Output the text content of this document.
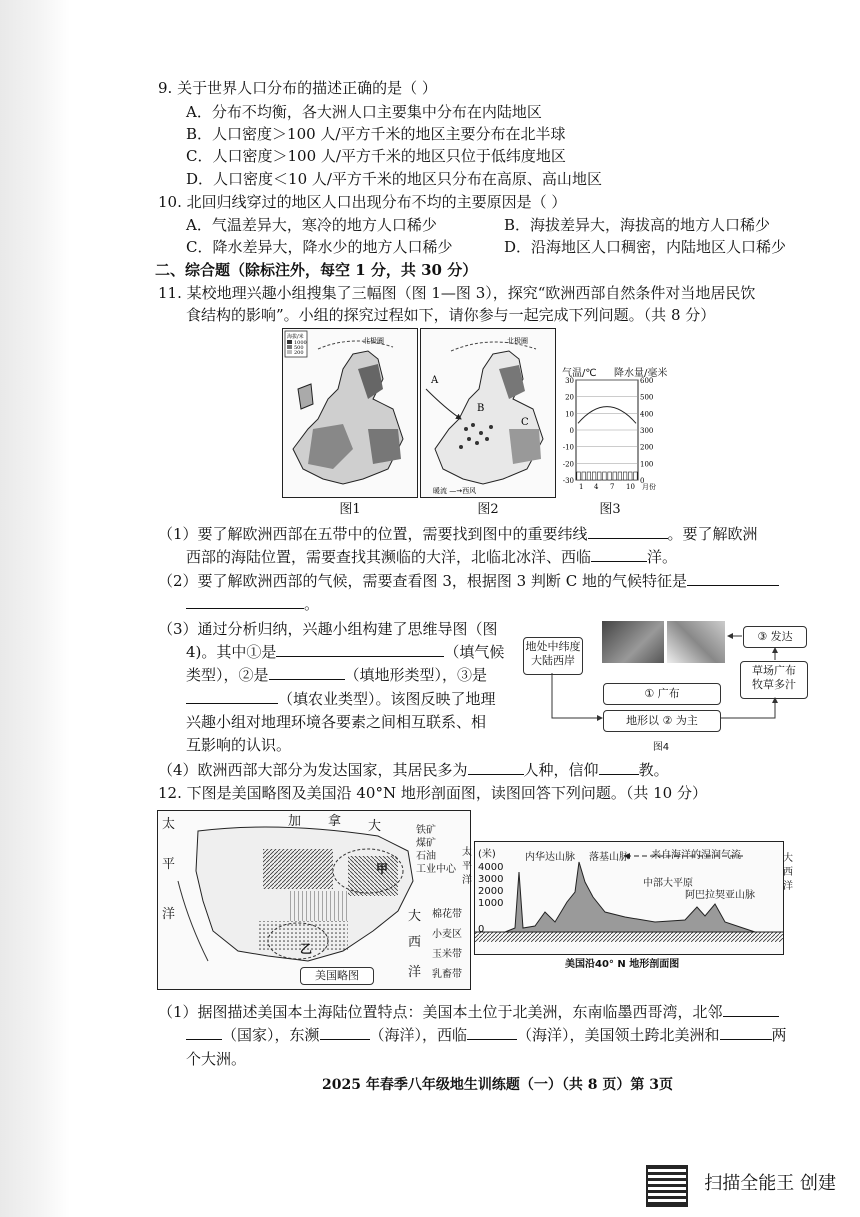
9. 关于世界人口分布的描述正确的是（ ）
A．分布不均衡，各大洲人口主要集中分布在内陆地区
B．人口密度＞100 人/平方千米的地区主要分布在北半球
C．人口密度＞100 人/平方千米的地区只位于低纬度地区
D．人口密度＜10 人/平方千米的地区只分布在高原、高山地区
10. 北回归线穿过的地区人口出现分布不均的主要原因是（ ）
A．气温差异大，寒冷的地方人口稀少	B．海拔差异大，海拔高的地方人口稀少
C．降水差异大，降水少的地方人口稀少	D．沿海地区人口稠密，内陆地区人口稀少
二、综合题（除标注外，每空 1 分，共 30 分）
11. 某校地理兴趣小组搜集了三幅图（图 1—图 3），探究“欧洲西部自然条件对当地居民饮
食结构的影响”。小组的探究过程如下，请你参与一起完成下列问题。（共 8 分）
海拔/米
1000
500
200
北极圈
图1
北极圈
A
B
C
暖流 —→西风
图2
30	600
20	500
10	400
0	300
-10	200
-20	100
-30	0
1 4 7 10 月份
气温/℃ 降水量/毫米
图3
（1）要了解欧洲西部在五带中的位置，需要找到图中的重要纬线	。要了解欧洲
西部的海陆位置，需要查找其濒临的大洋，北临北冰洋、西临	洋。
（2）要了解欧洲西部的气候，需要查看图 3，根据图 3 判断 C 地的气候特征是
。
（3）通过分析归纳，兴趣小组构建了思维导图（图
4)。其中①是	（填气候
类型），②是	（填地形类型），③是
（填农业类型）。该图反映了地理
兴趣小组对地理环境各要素之间相互联系、相
互影响的认识。
地处中纬度
大陆西岸
③ 发达
草场广布
牧草多汁
① 广布
地形以 ② 为主
图4
（4）欧洲西部大部分为发达国家，其居民多为	人种，信仰	教。
12. 下图是美国略图及美国沿 40°N 地形剖面图，读图回答下列问题。（共 10 分）
加 拿 大
太
平
洋	大
西
洋
甲
乙
铁矿
煤矿
石油
工业中心
棉花带
小麦区
玉米带
乳畜带
美国略图
(米)
4000
3000
2000
1000
0
内华达山脉 落基山脉
中部大平原
阿巴拉契亚山脉
来自海洋的湿润气流
太平洋
大西洋
美国沿40° N 地形剖面图
（1）据图描述美国本土海陆位置特点：美国本土位于北美洲，东南临墨西哥湾，北邻
（国家），东濒	（海洋），西临	（海洋），美国领土跨北美洲和	两
个大洲。
2025 年春季八年级地生训练题（一）（共 8 页）第 3页
扫描全能王 创建
